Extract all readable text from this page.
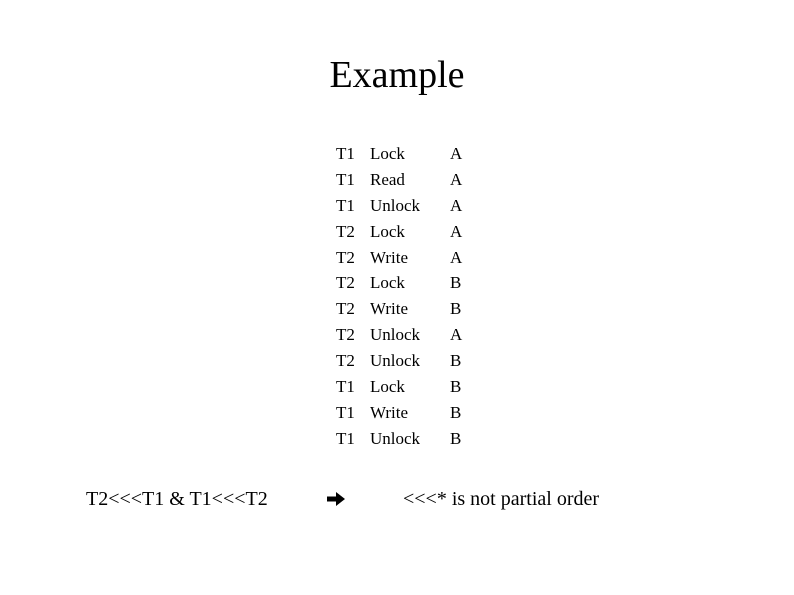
Example
T1 Lock	A
T1 Read	A
T1 Unlock A
T2 Lock	A
T2 Write A
T2 Lock	B
T2 Write B
T2 Unlock A
T2 Unlock B
T1 Lock	B
T1 Write B
T1 Unlock B
T2<<<T1 & T1<<<T2	<<<* is not partial order
